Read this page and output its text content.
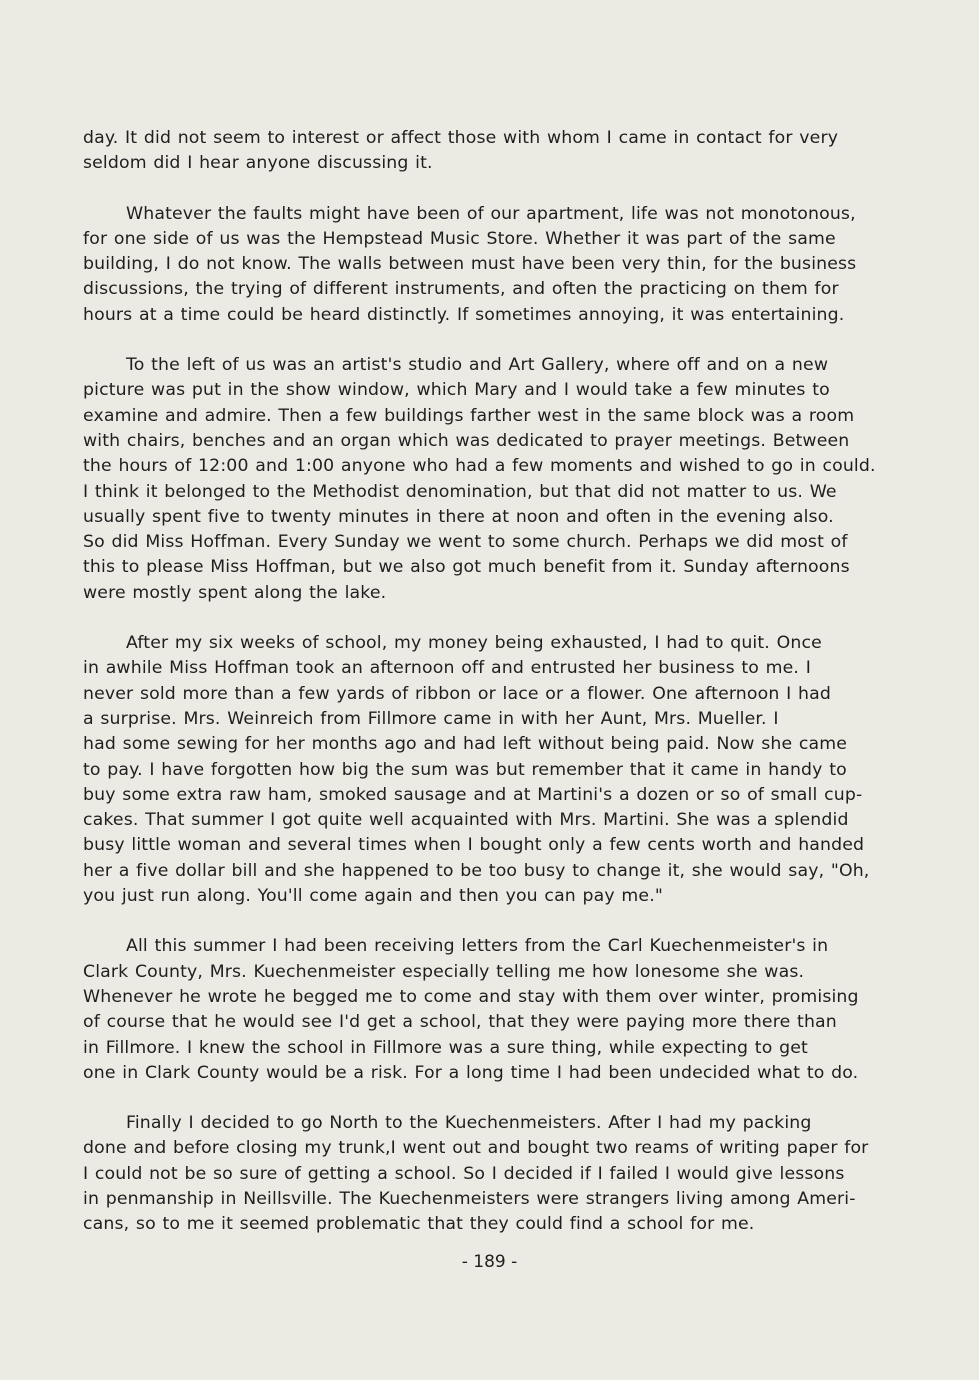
day. It did not seem to interest or affect those with whom I came in contact for very
seldom did I hear anyone discussing it.
Whatever the faults might have been of our apartment, life was not monotonous,
for one side of us was the Hempstead Music Store. Whether it was part of the same
building, I do not know. The walls between must have been very thin, for the business
discussions, the trying of different instruments, and often the practicing on them for
hours at a time could be heard distinctly. If sometimes annoying, it was entertaining.
To the left of us was an artist's studio and Art Gallery, where off and on a new
picture was put in the show window, which Mary and I would take a few minutes to
examine and admire. Then a few buildings farther west in the same block was a room
with chairs, benches and an organ which was dedicated to prayer meetings. Between
the hours of 12:00 and 1:00 anyone who had a few moments and wished to go in could.
I think it belonged to the Methodist denomination, but that did not matter to us. We
usually spent five to twenty minutes in there at noon and often in the evening also.
So did Miss Hoffman. Every Sunday we went to some church. Perhaps we did most of
this to please Miss Hoffman, but we also got much benefit from it. Sunday afternoons
were mostly spent along the lake.
After my six weeks of school, my money being exhausted, I had to quit. Once
in awhile Miss Hoffman took an afternoon off and entrusted her business to me. I
never sold more than a few yards of ribbon or lace or a flower. One afternoon I had
a surprise. Mrs. Weinreich from Fillmore came in with her Aunt, Mrs. Mueller. I
had some sewing for her months ago and had left without being paid. Now she came
to pay. I have forgotten how big the sum was but remember that it came in handy to
buy some extra raw ham, smoked sausage and at Martini's a dozen or so of small cup-
cakes. That summer I got quite well acquainted with Mrs. Martini. She was a splendid
busy little woman and several times when I bought only a few cents worth and handed
her a five dollar bill and she happened to be too busy to change it, she would say, "Oh,
you just run along. You'll come again and then you can pay me."
All this summer I had been receiving letters from the Carl Kuechenmeister's in
Clark County, Mrs. Kuechenmeister especially telling me how lonesome she was.
Whenever he wrote he begged me to come and stay with them over winter, promising
of course that he would see I'd get a school, that they were paying more there than
in Fillmore. I knew the school in Fillmore was a sure thing, while expecting to get
one in Clark County would be a risk. For a long time I had been undecided what to do.
Finally I decided to go North to the Kuechenmeisters. After I had my packing
done and before closing my trunk,I went out and bought two reams of writing paper for
I could not be so sure of getting a school. So I decided if I failed I would give lessons
in penmanship in Neillsville. The Kuechenmeisters were strangers living among Ameri-
cans, so to me it seemed problematic that they could find a school for me.
- 189 -
